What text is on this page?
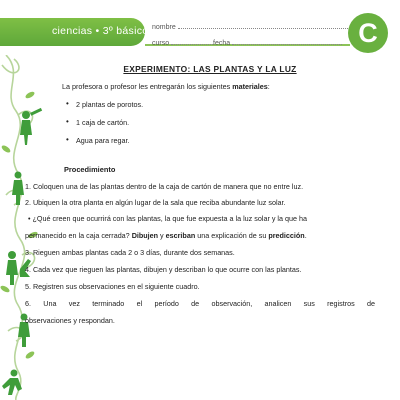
ciencias • 3º básico nombre
curso	fecha	C
EXPERIMENTO: LAS PLANTAS Y LA LUZ
La profesora o profesor les entregarán los siguientes materiales:
• 2 plantas de porotos.
• 1 caja de cartón.
• Agua para regar.
Procedimiento
1. Coloquen una de las plantas dentro de la caja de cartón de manera que no entre luz.
2. Ubiquen la otra planta en algún lugar de la sala que reciba abundante luz solar.
• ¿Qué creen que ocurrirá con las plantas, la que fue expuesta a la luz solar y la que ha
permanecido en la caja cerrada? Dibujen y escriban una explicación de su predicción.
3. Rieguen ambas plantas cada 2 o 3 días, durante dos semanas.
4. Cada vez que rieguen las plantas, dibujen y describan lo que ocurre con las plantas.
5. Registren sus observaciones en el siguiente cuadro.
6. Una vez terminado el período de observación, analicen sus registros de
observaciones y respondan.
